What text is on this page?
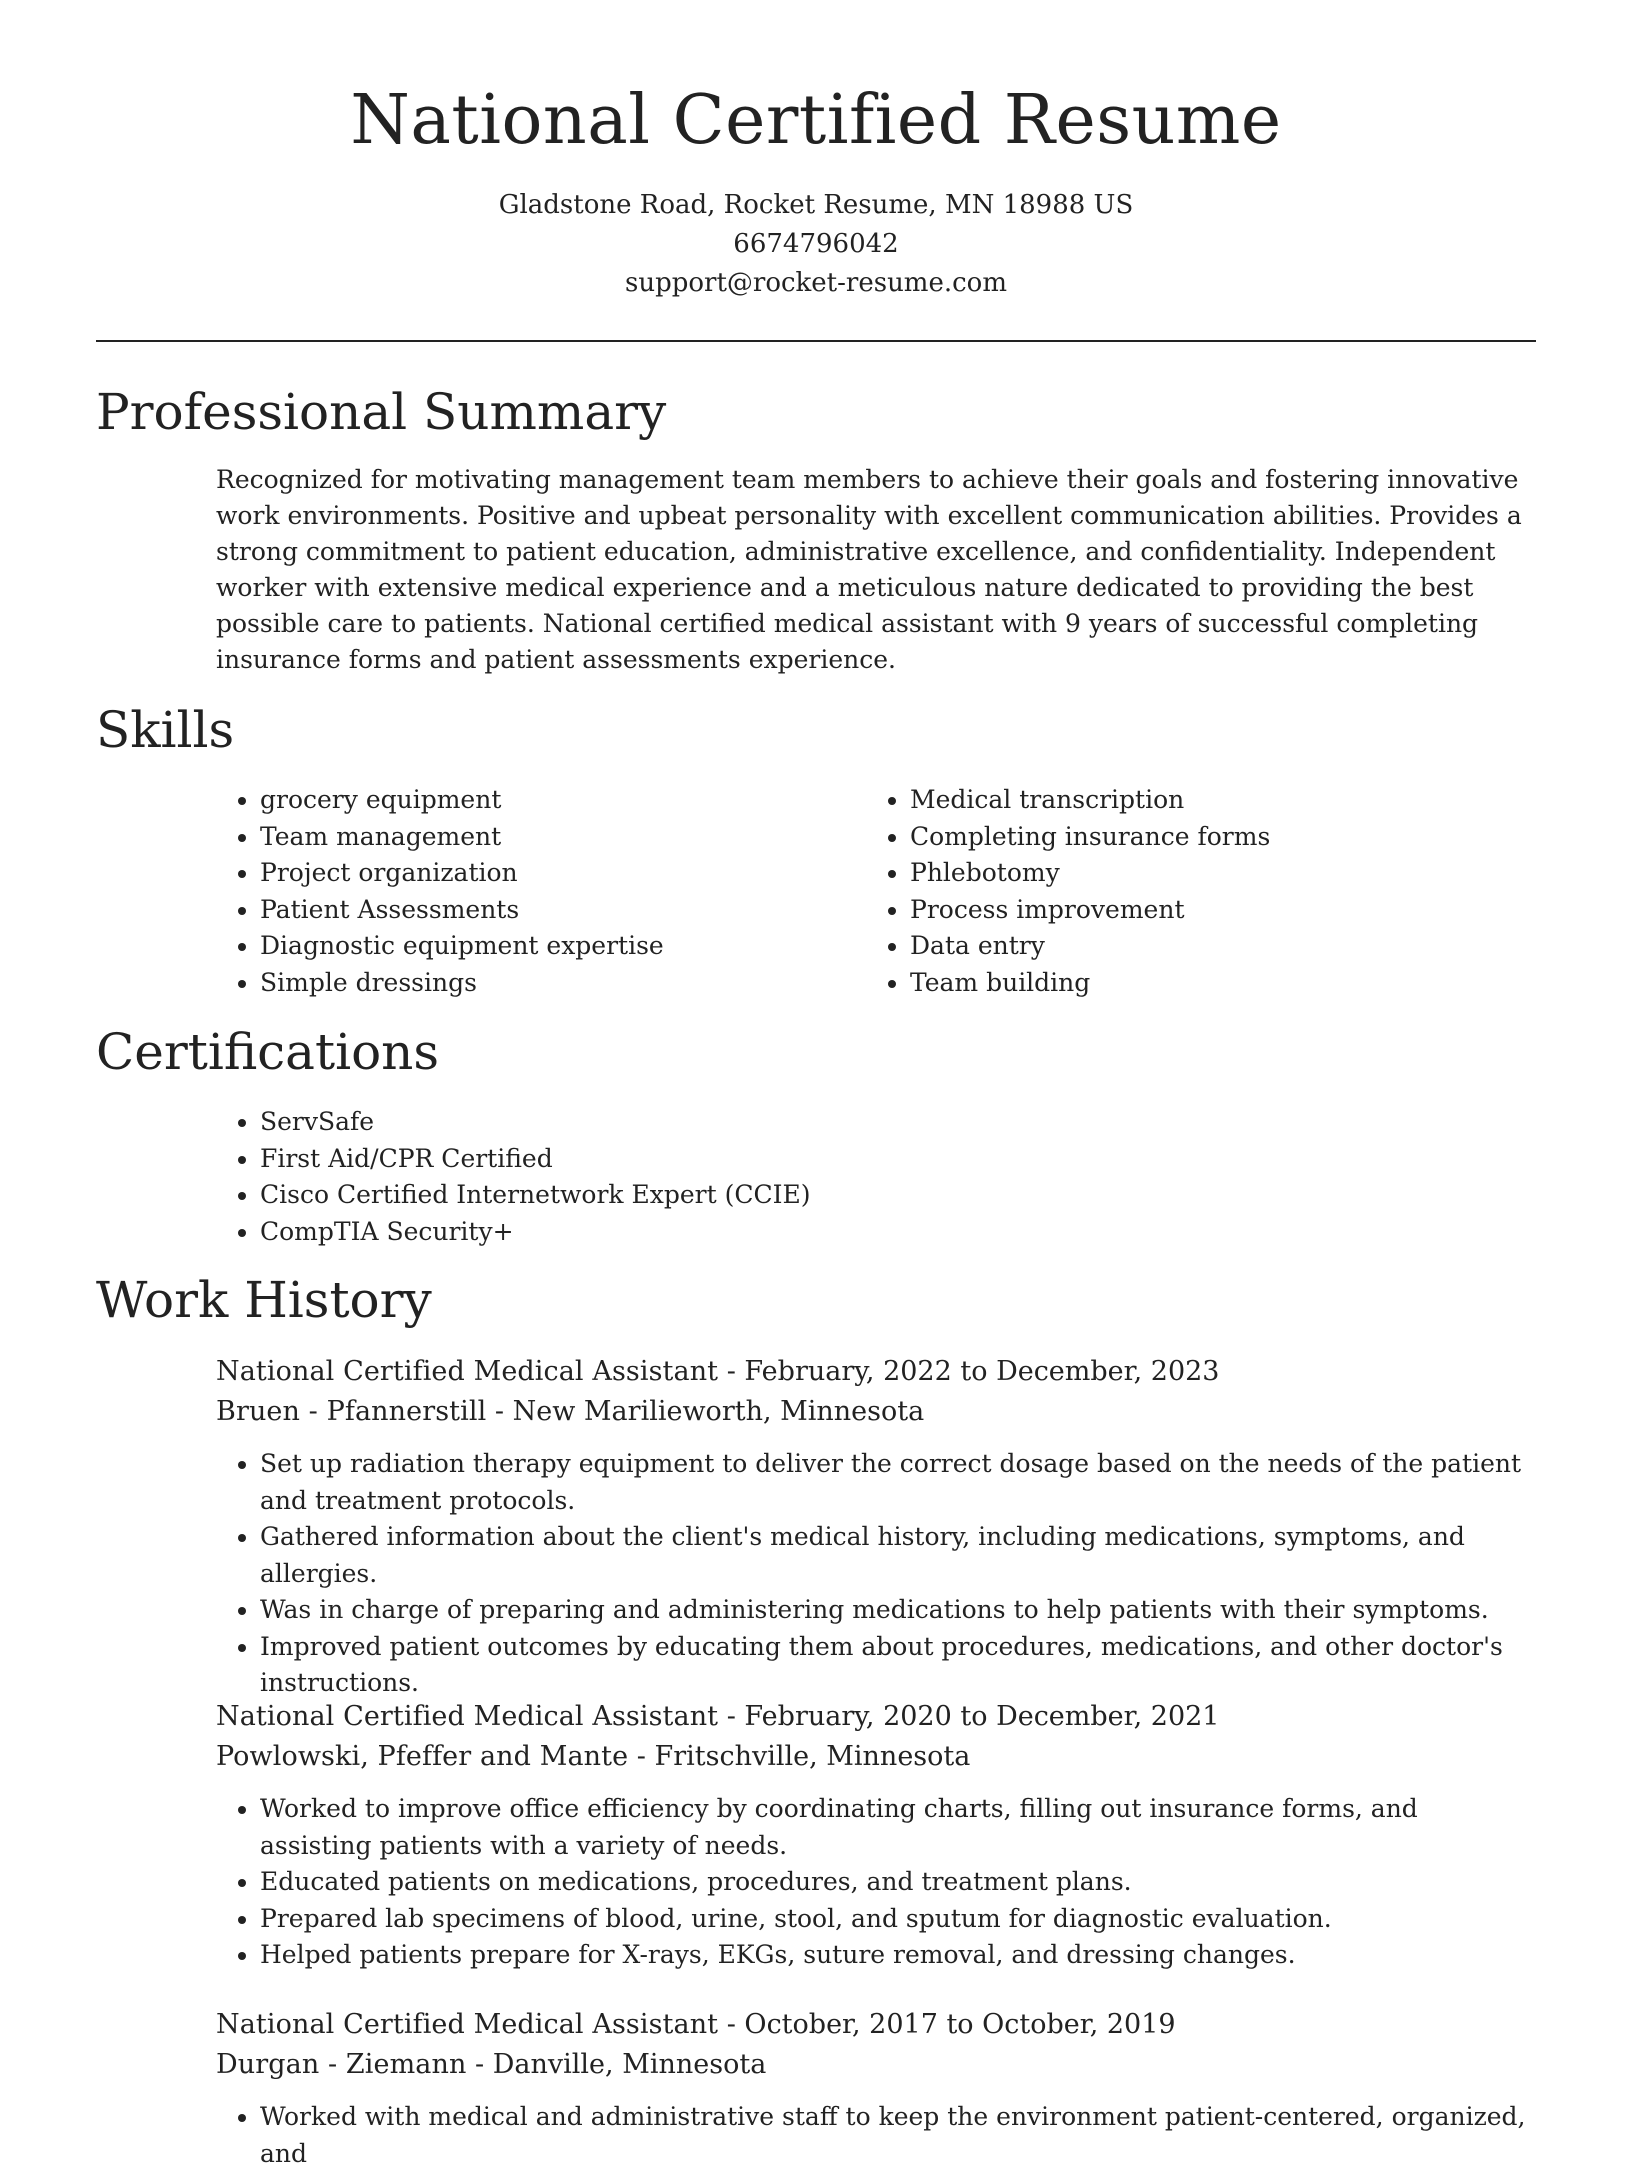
National Certified Resume
Gladstone Road, Rocket Resume, MN 18988 US
6674796042
support@rocket-resume.com
Professional Summary

Recognized for motivating management team members to achieve their goals and fostering innovative work environments. Positive and upbeat personality with excellent communication abilities. Provides a strong commitment to patient education, administrative excellence, and confidentiality. Independent worker with extensive medical experience and a meticulous nature dedicated to providing the best possible care to patients. National certified medical assistant with 9 years of successful completing insurance forms and patient assessments experience.

Skills
• grocery equipment
• Team management
• Project organization
• Patient Assessments
• Diagnostic equipment expertise
• Simple dressings
• Medical transcription
• Completing insurance forms
• Phlebotomy
• Process improvement
• Data entry
• Team building
Certifications
• ServSafe
• First Aid/CPR Certified
• Cisco Certified Internetwork Expert (CCIE)
• CompTIA Security+
Work History
National Certified Medical Assistant - February, 2022 to December, 2023
Bruen - Pfannerstill - New Marilieworth, Minnesota
• Set up radiation therapy equipment to deliver the correct dosage based on the needs of the patient and treatment protocols.
• Gathered information about the client's medical history, including medications, symptoms, and allergies.
• Was in charge of preparing and administering medications to help patients with their symptoms.
• Improved patient outcomes by educating them about procedures, medications, and other doctor's instructions.
National Certified Medical Assistant - February, 2020 to December, 2021
Powlowski, Pfeffer and Mante - Fritschville, Minnesota
• Worked to improve office efficiency by coordinating charts, filling out insurance forms, and assisting patients with a variety of needs.
• Educated patients on medications, procedures, and treatment plans.
• Prepared lab specimens of blood, urine, stool, and sputum for diagnostic evaluation.
• Helped patients prepare for X-rays, EKGs, suture removal, and dressing changes.
National Certified Medical Assistant - October, 2017 to October, 2019
Durgan - Ziemann - Danville, Minnesota
• Worked with medical and administrative staff to keep the environment patient-centered, organized, and
